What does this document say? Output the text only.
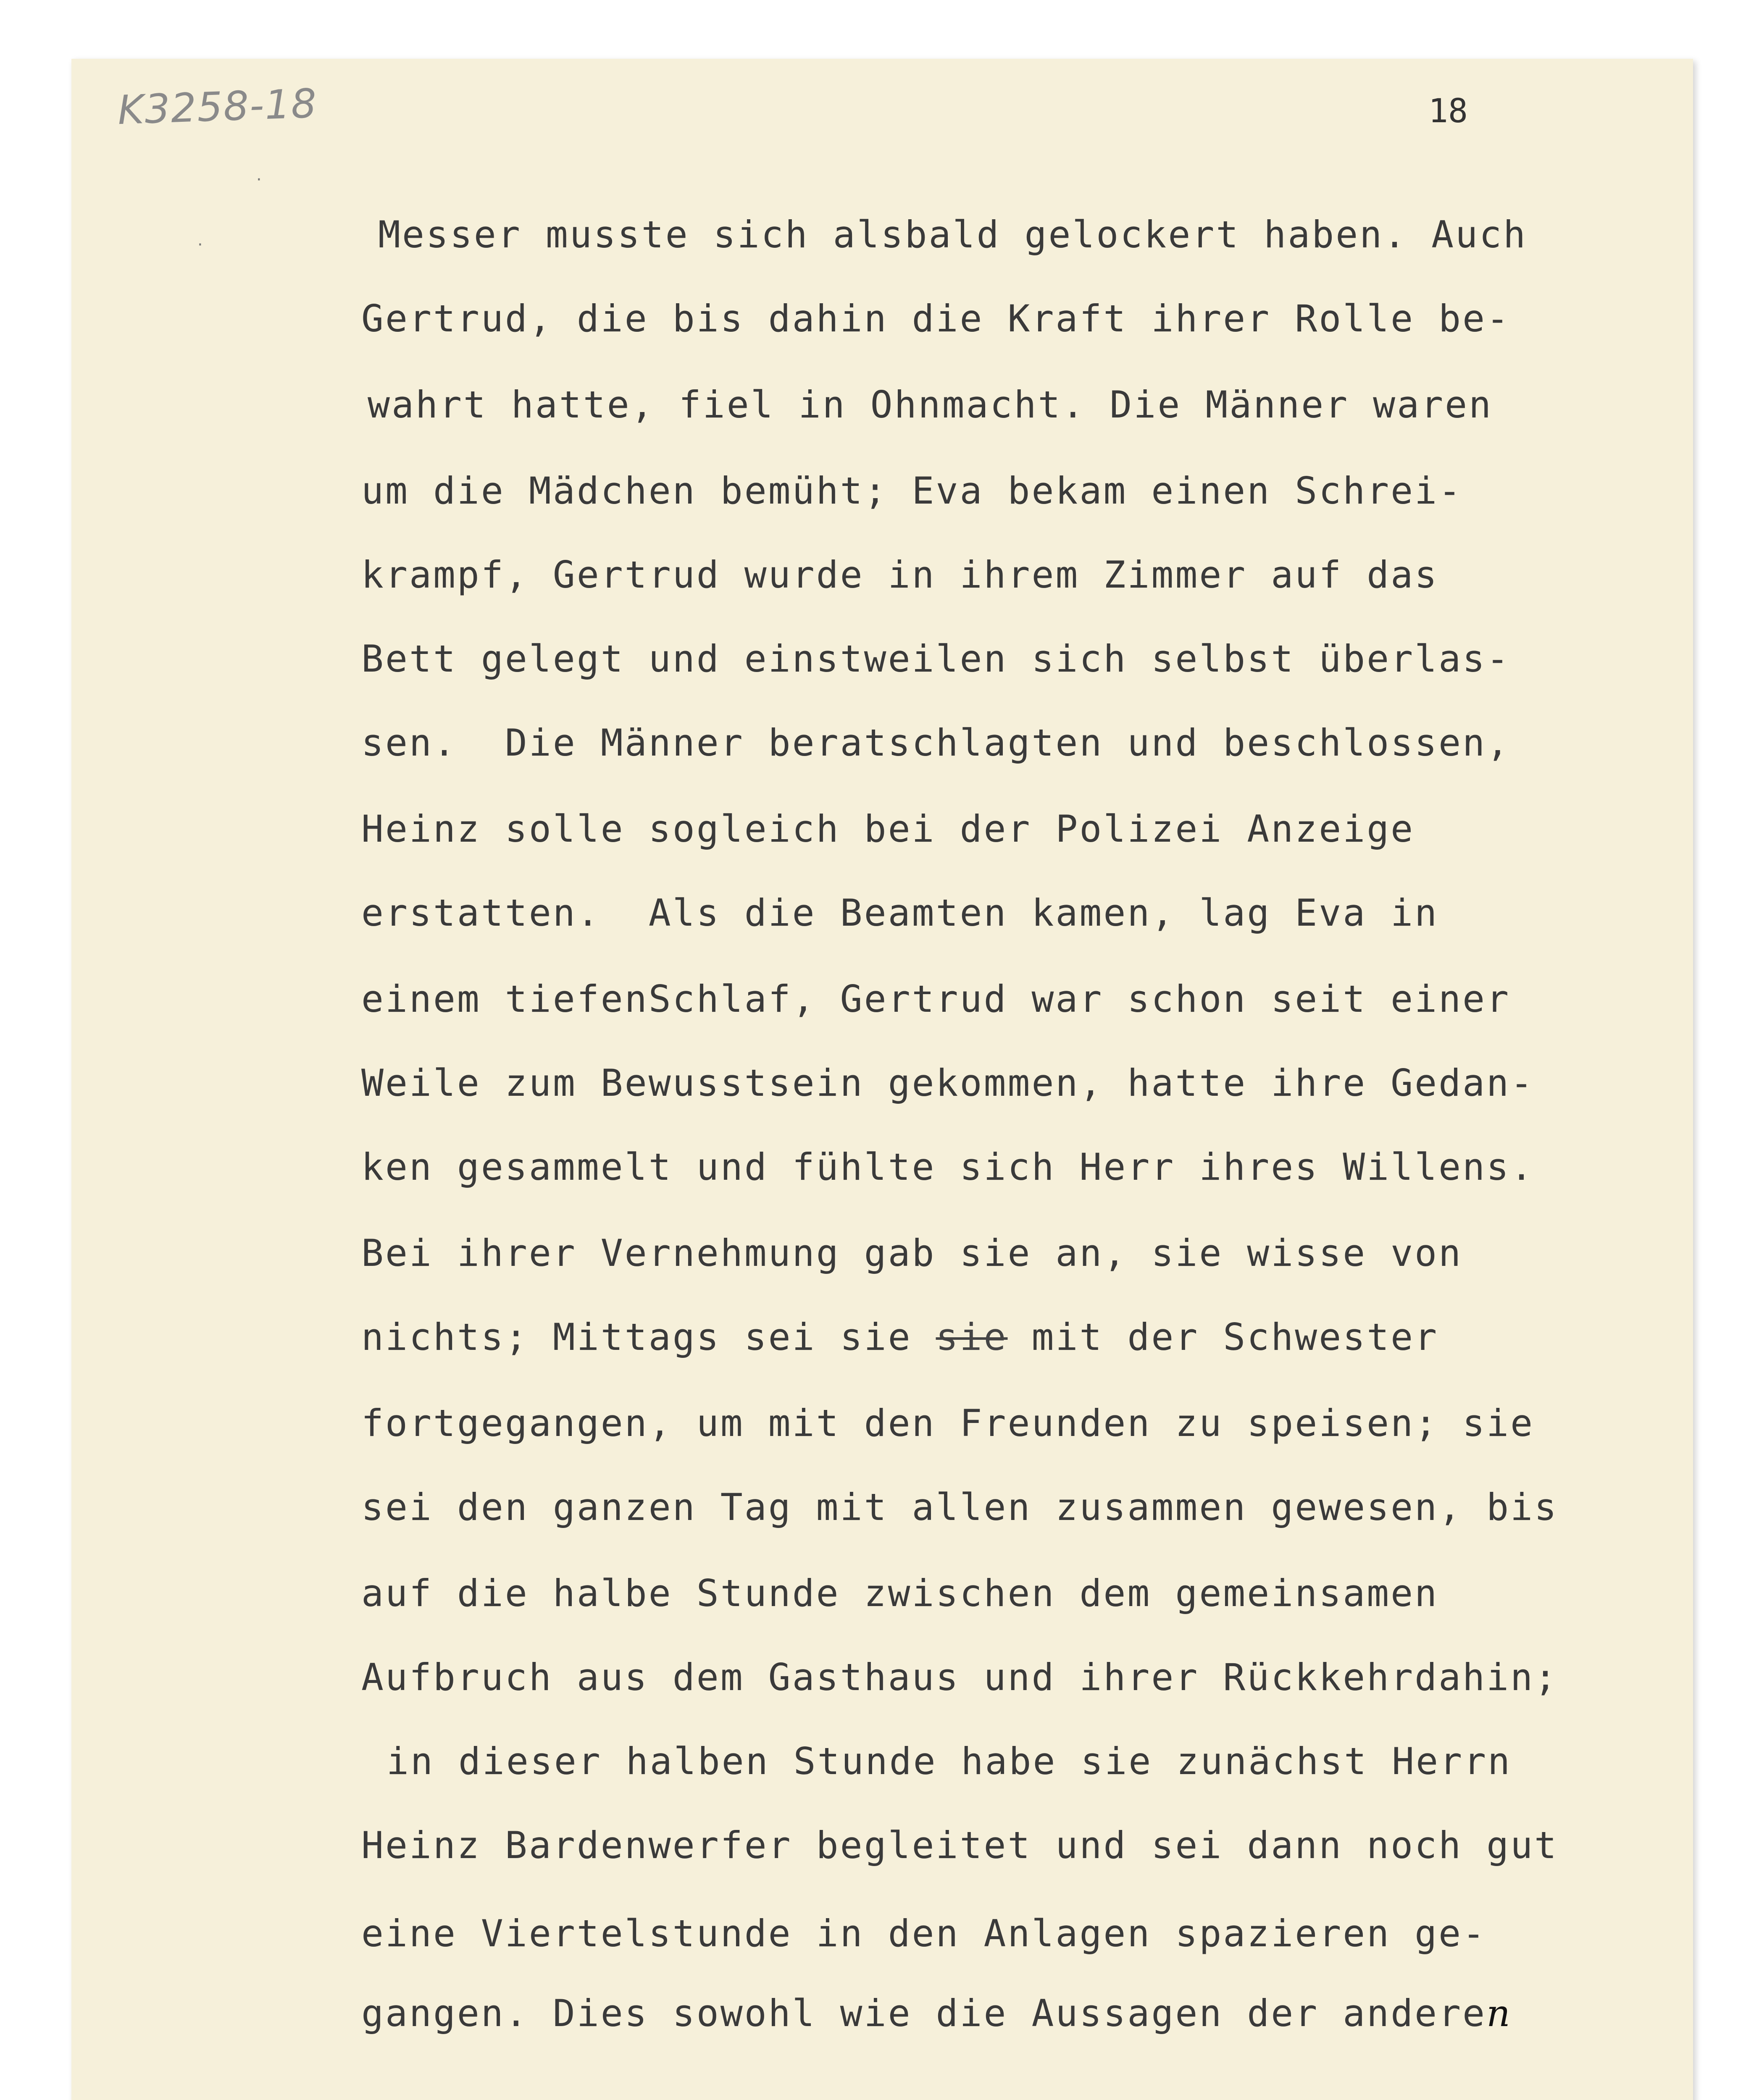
K3258-18	18
·
·	Messer musste sich alsbald gelockert haben. Auch
Gertrud, die bis dahin die Kraft ihrer Rolle be-
wahrt hatte, fiel in Ohnmacht. Die Männer waren
um die Mädchen bemüht; Eva bekam einen Schrei-
krampf, Gertrud wurde in ihrem Zimmer auf das
Bett gelegt und einstweilen sich selbst überlas-
sen.  Die Männer beratschlagten und beschlossen,
Heinz solle sogleich bei der Polizei Anzeige
erstatten.  Als die Beamten kamen, lag Eva in
einem tiefenSchlaf, Gertrud war schon seit einer
Weile zum Bewusstsein gekommen, hatte ihre Gedan-
ken gesammelt und fühlte sich Herr ihres Willens.
Bei ihrer Vernehmung gab sie an, sie wisse von
nichts; Mittags sei sie sie mit der Schwester
fortgegangen, um mit den Freunden zu speisen; sie
sei den ganzen Tag mit allen zusammen gewesen, bis
auf die halbe Stunde zwischen dem gemeinsamen
Aufbruch aus dem Gasthaus und ihrer Rückkehrdahin;
in dieser halben Stunde habe sie zunächst Herrn
Heinz Bardenwerfer begleitet und sei dann noch gut
eine Viertelstunde in den Anlagen spazieren ge-
gangen. Dies sowohl wie die Aussagen der anderen
